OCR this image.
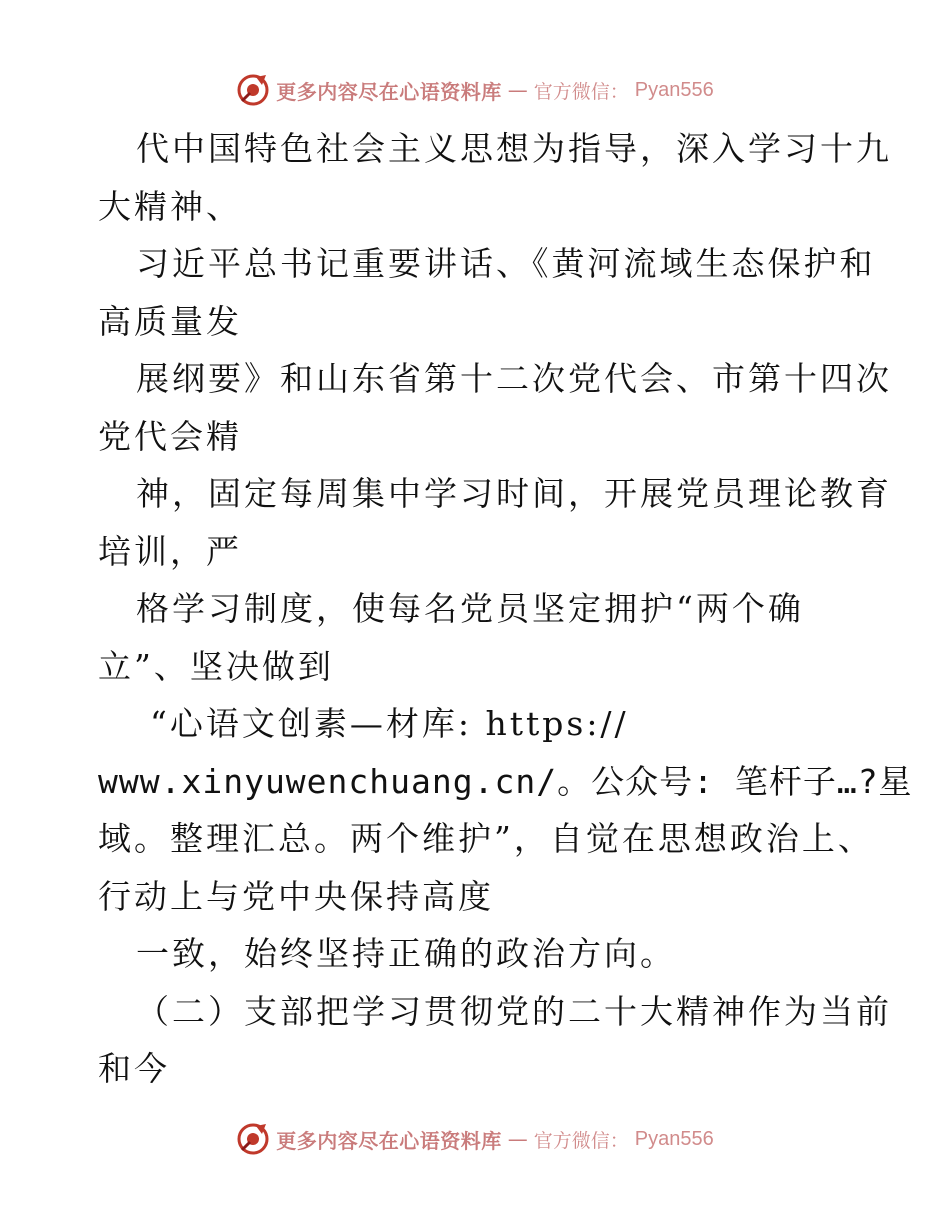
更多内容尽在心语资料库 — 官方微信： Pyan556
代中国特色社会主义思想为指导，深入学习十九
大精神、
习近平总书记重要讲话、《黄河流域生态保护和
高质量发
展纲要》和山东省第十二次党代会、市第十四次
党代会精
神，固定每周集中学习时间，开展党员理论教育
培训，严
格学习制度，使每名党员坚定拥护“两个确
立”、坚决做到
“心语文创素—材库: https://
www.xinyuwenchuang.cn/。公众号: 笔杆子…?星
域。整理汇总。两个维护”，自觉在思想政治上、
行动上与党中央保持高度
一致，始终坚持正确的政治方向。
（二）支部把学习贯彻党的二十大精神作为当前
和今
更多内容尽在心语资料库 — 官方微信： Pyan556
